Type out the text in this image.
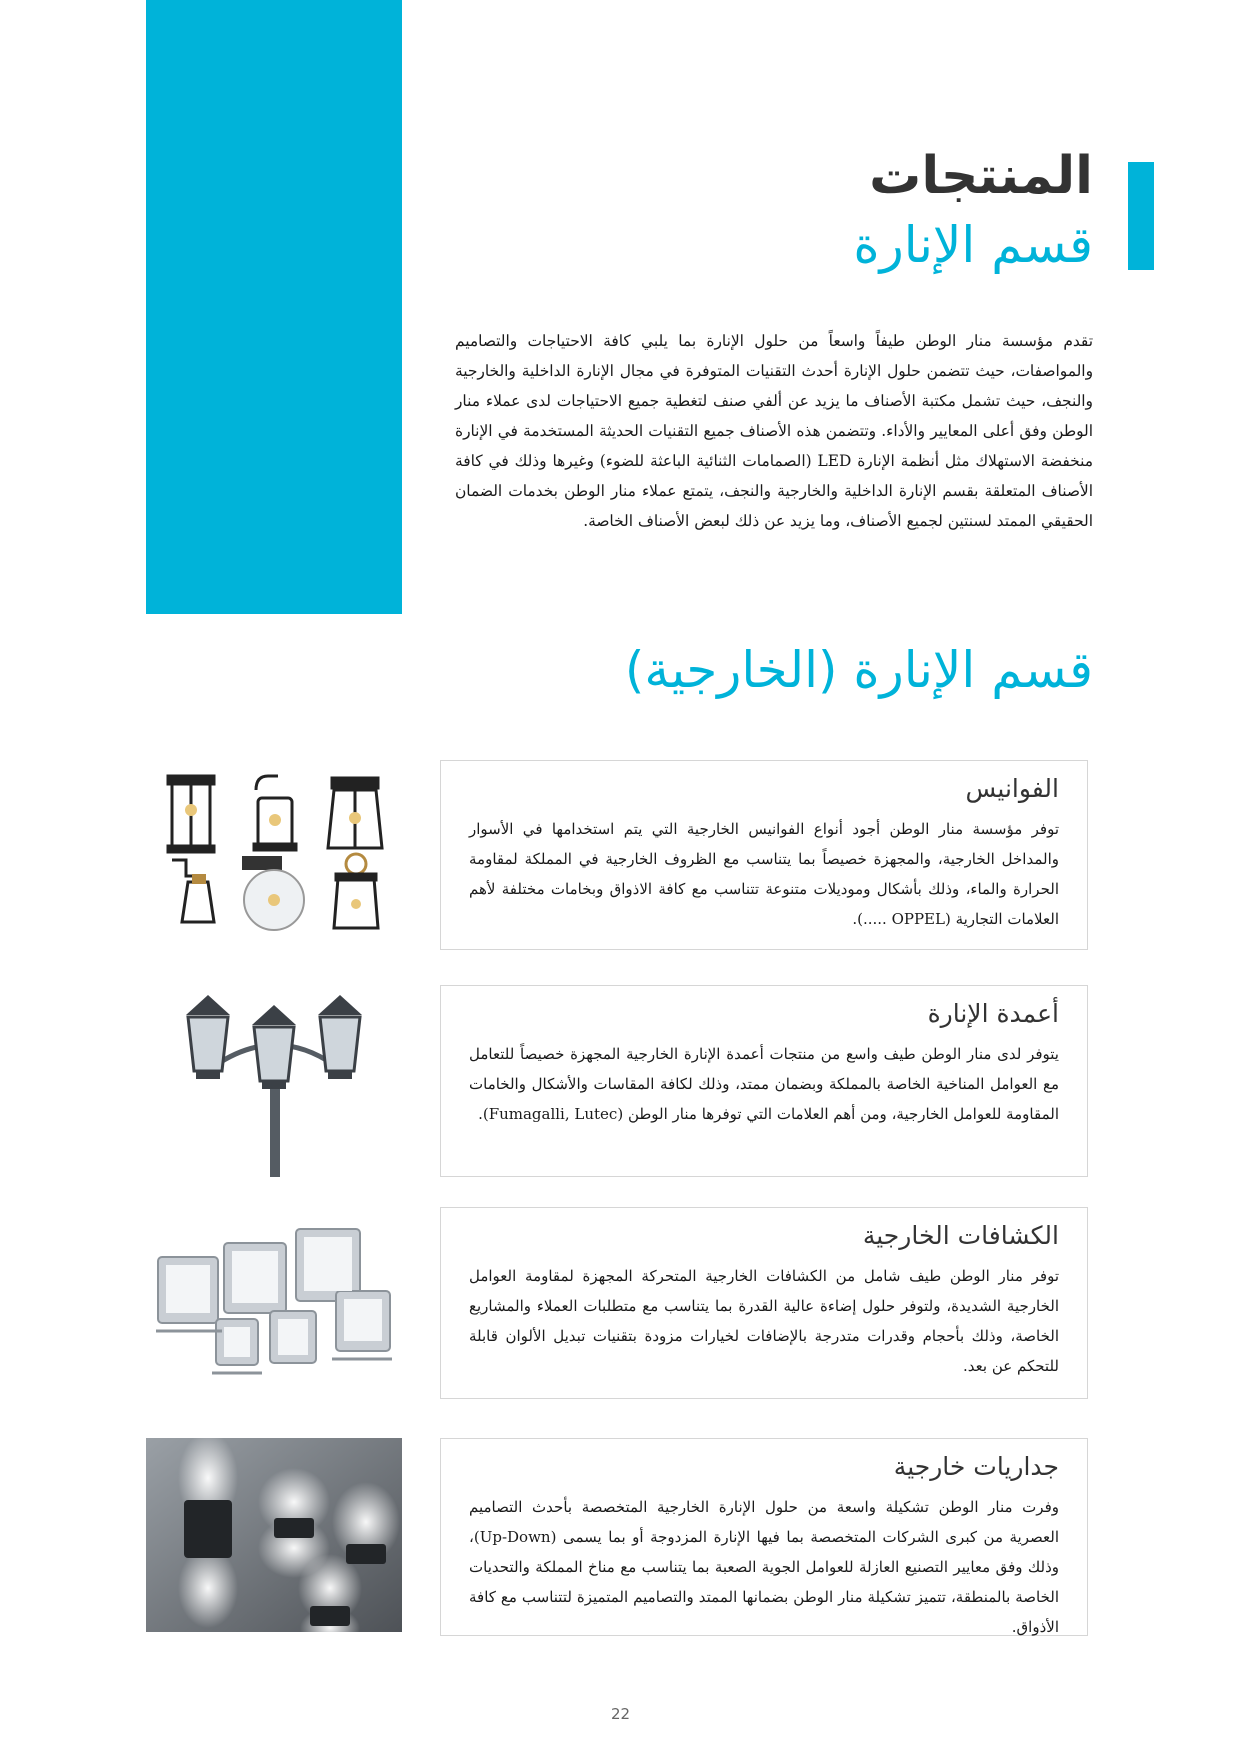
المنتجات
قسم الإنارة

تقدم مؤسسة منار الوطن طيفاً واسعاً من حلول الإنارة بما يلبي كافة الاحتياجات والتصاميم والمواصفات، حيث تتضمن حلول الإنارة أحدث التقنيات المتوفرة في مجال الإنارة الداخلية والخارجية والنجف، حيث تشمل مكتبة الأصناف ما يزيد عن ألفي صنف لتغطية جميع الاحتياجات لدى عملاء منار الوطن وفق أعلى المعايير والأداء. وتتضمن هذه الأصناف جميع التقنيات الحديثة المستخدمة في الإنارة منخفضة الاستهلاك مثل أنظمة الإنارة LED (الصمامات الثنائية الباعثة للضوء) وغيرها وذلك في كافة الأصناف المتعلقة بقسم الإنارة الداخلية والخارجية والنجف، يتمتع عملاء منار الوطن بخدمات الضمان الحقيقي الممتد لسنتين لجميع الأصناف، وما يزيد عن ذلك لبعض الأصناف الخاصة.

قسم الإنارة (الخارجية)
الفوانيس

توفر مؤسسة منار الوطن أجود أنواع الفوانيس الخارجية التي يتم استخدامها في الأسوار والمداخل الخارجية، والمجهزة خصيصاً بما يتناسب مع الظروف الخارجية في المملكة لمقاومة الحرارة والماء، وذلك بأشكال وموديلات متنوعة تتناسب مع كافة الاذواق وبخامات مختلفة لأهم العلامات التجارية (OPPEL .....).

أعمدة الإنارة

يتوفر لدى منار الوطن طيف واسع من منتجات أعمدة الإنارة الخارجية المجهزة خصيصاً للتعامل مع العوامل المناخية الخاصة بالمملكة وبضمان ممتد، وذلك لكافة المقاسات والأشكال والخامات المقاومة للعوامل الخارجية، ومن أهم العلامات التي توفرها منار الوطن (Fumagalli, Lutec).

الكشافات الخارجية

توفر منار الوطن طيف شامل من الكشافات الخارجية المتحركة المجهزة لمقاومة العوامل الخارجية الشديدة، ولتوفر حلول إضاءة عالية القدرة بما يتناسب مع متطلبات العملاء والمشاريع الخاصة، وذلك بأحجام وقدرات متدرجة بالإضافات لخيارات مزودة بتقنيات تبديل الألوان قابلة للتحكم عن بعد.

جداريات خارجية

وفرت منار الوطن تشكيلة واسعة من حلول الإنارة الخارجية المتخصصة بأحدث التصاميم العصرية من كبرى الشركات المتخصصة بما فيها الإنارة المزدوجة أو بما يسمى (Up-Down)، وذلك وفق معايير التصنيع العازلة للعوامل الجوية الصعبة بما يتناسب مع مناخ المملكة والتحديات الخاصة بالمنطقة، تتميز تشكيلة منار الوطن بضمانها الممتد والتصاميم المتميزة لتتناسب مع كافة الأذواق.

22
